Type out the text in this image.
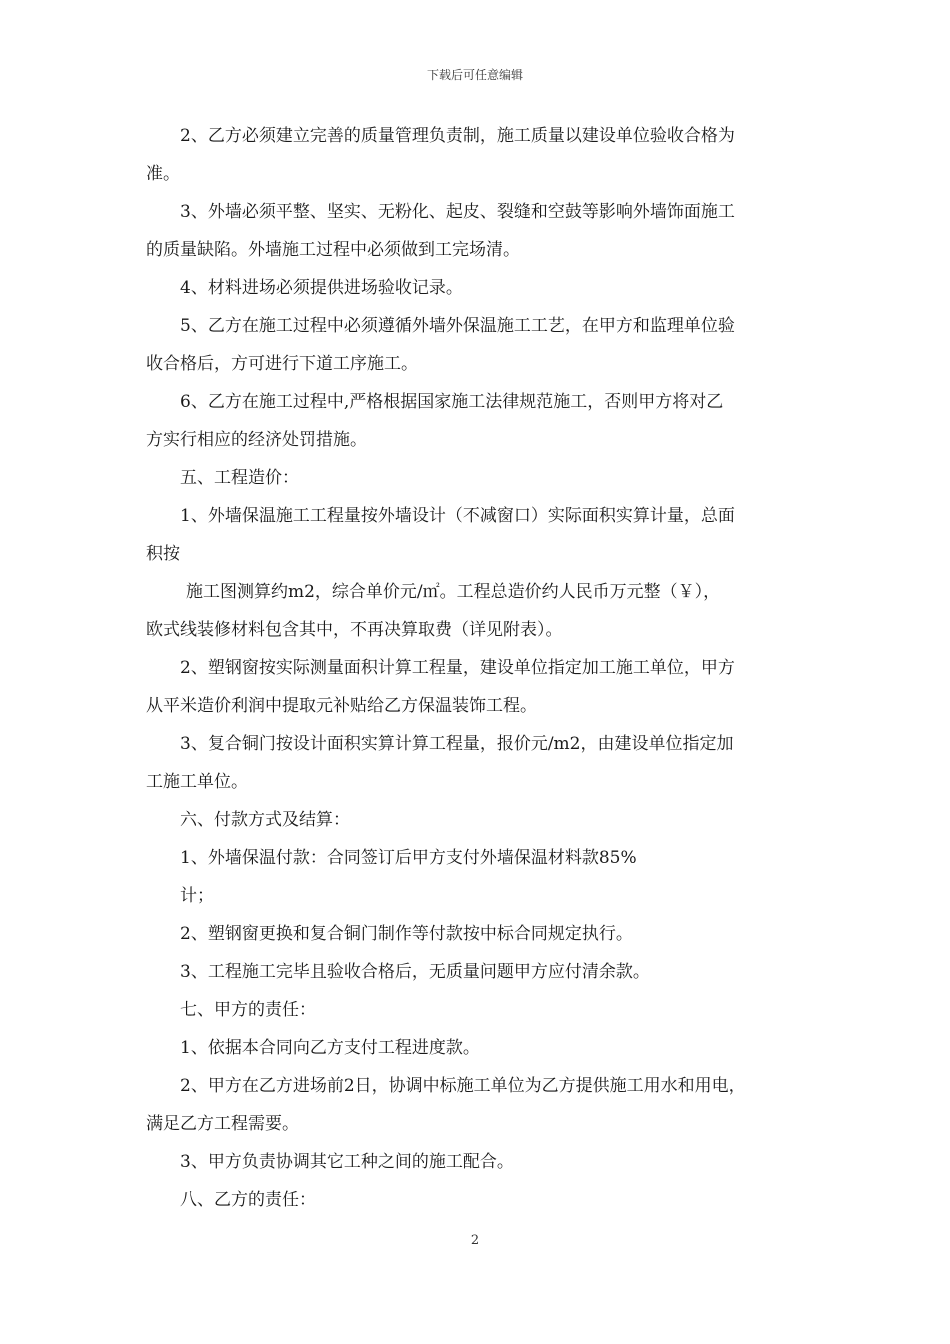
下载后可任意编辑
2、乙方必须建立完善的质量管理负责制，施工质量以建设单位验收合格为
准。
3、外墙必须平整、坚实、无粉化、起皮、裂缝和空鼓等影响外墙饰面施工
的质量缺陷。外墙施工过程中必须做到工完场清。
4、材料进场必须提供进场验收记录。
5、乙方在施工过程中必须遵循外墙外保温施工工艺，在甲方和监理单位验
收合格后，方可进行下道工序施工。
6、乙方在施工过程中,严格根据国家施工法律规范施工，否则甲方将对乙
方实行相应的经济处罚措施。
五、工程造价：
1、外墙保温施工工程量按外墙设计（不减窗口）实际面积实算计量，总面
积按
施工图测算约m2，综合单价元/㎡。工程总造价约人民币万元整（￥），
欧式线装修材料包含其中，不再决算取费（详见附表）。
2、塑钢窗按实际测量面积计算工程量，建设单位指定加工施工单位，甲方
从平米造价利润中提取元补贴给乙方保温装饰工程。
3、复合铜门按设计面积实算计算工程量，报价元/m2，由建设单位指定加
工施工单位。
六、付款方式及结算：
1、外墙保温付款：合同签订后甲方支付外墙保温材料款85%
计；
2、塑钢窗更换和复合铜门制作等付款按中标合同规定执行。
3、工程施工完毕且验收合格后，无质量问题甲方应付清余款。
七、甲方的责任：
1、依据本合同向乙方支付工程进度款。
2、甲方在乙方进场前2日，协调中标施工单位为乙方提供施工用水和用电，
满足乙方工程需要。
3、甲方负责协调其它工种之间的施工配合。
八、乙方的责任：
2
